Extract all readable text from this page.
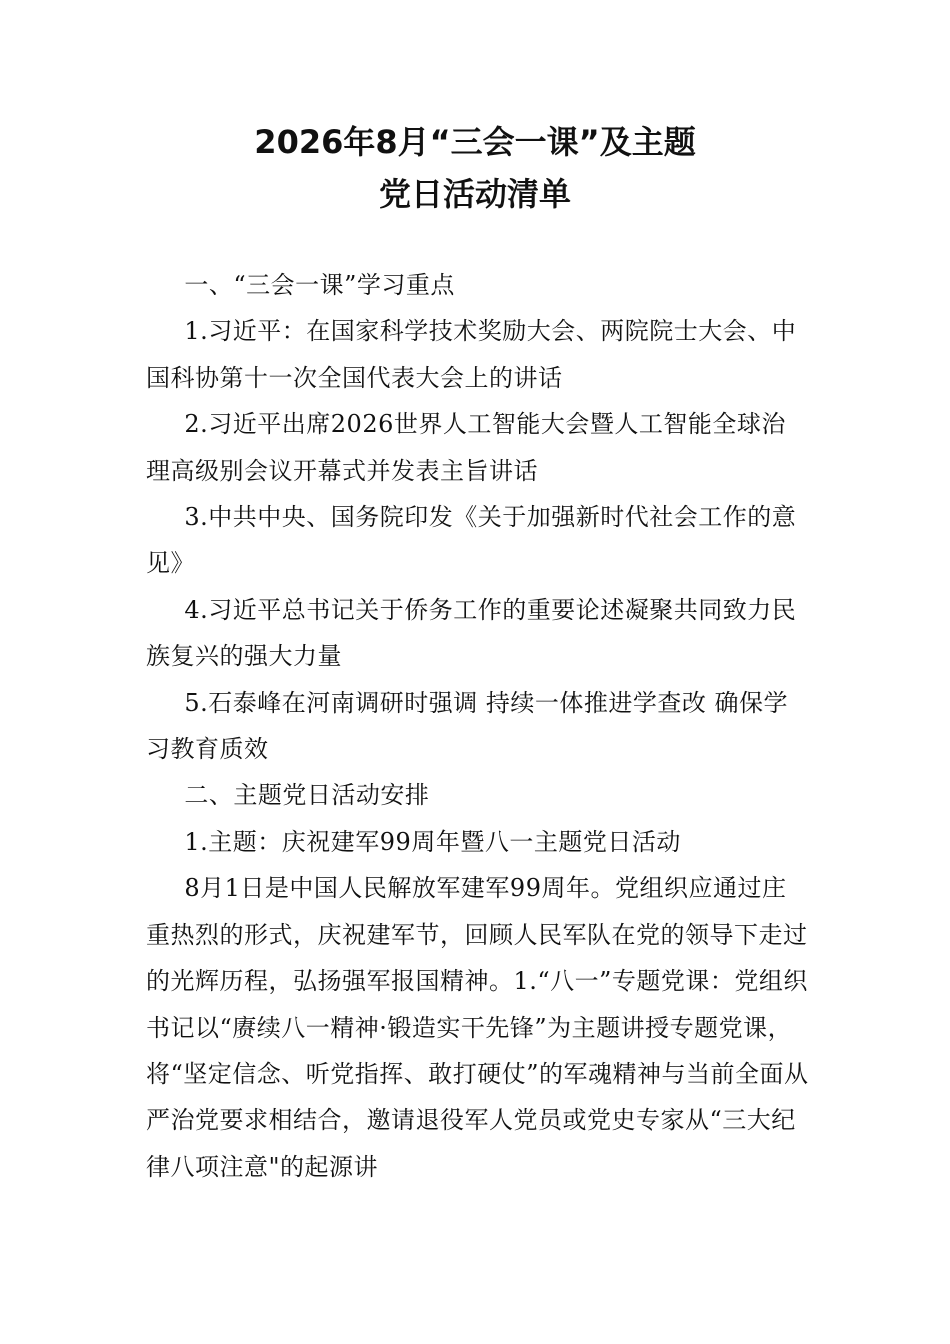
2026年8月“三会一课”及主题
党日活动清单

一、“三会一课”学习重点

1.习近平：在国家科学技术奖励大会、两院院士大会、中国科协第十一次全国代表大会上的讲话

2.习近平出席2026世界人工智能大会暨人工智能全球治理高级别会议开幕式并发表主旨讲话

3.中共中央、国务院印发《关于加强新时代社会工作的意见》

4.习近平总书记关于侨务工作的重要论述凝聚共同致力民族复兴的强大力量

5.石泰峰在河南调研时强调 持续一体推进学查改 确保学习教育质效

二、主题党日活动安排

1.主题：庆祝建军99周年暨八一主题党日活动

8月1日是中国人民解放军建军99周年。党组织应通过庄重热烈的形式，庆祝建军节，回顾人民军队在党的领导下走过的光辉历程，弘扬强军报国精神。1.“八一”专题党课：党组织书记以“赓续八一精神·锻造实干先锋”为主题讲授专题党课，将“坚定信念、听党指挥、敢打硬仗”的军魂精神与当前全面从严治党要求相结合，邀请退役军人党员或党史专家从“三大纪律八项注意"的起源讲
